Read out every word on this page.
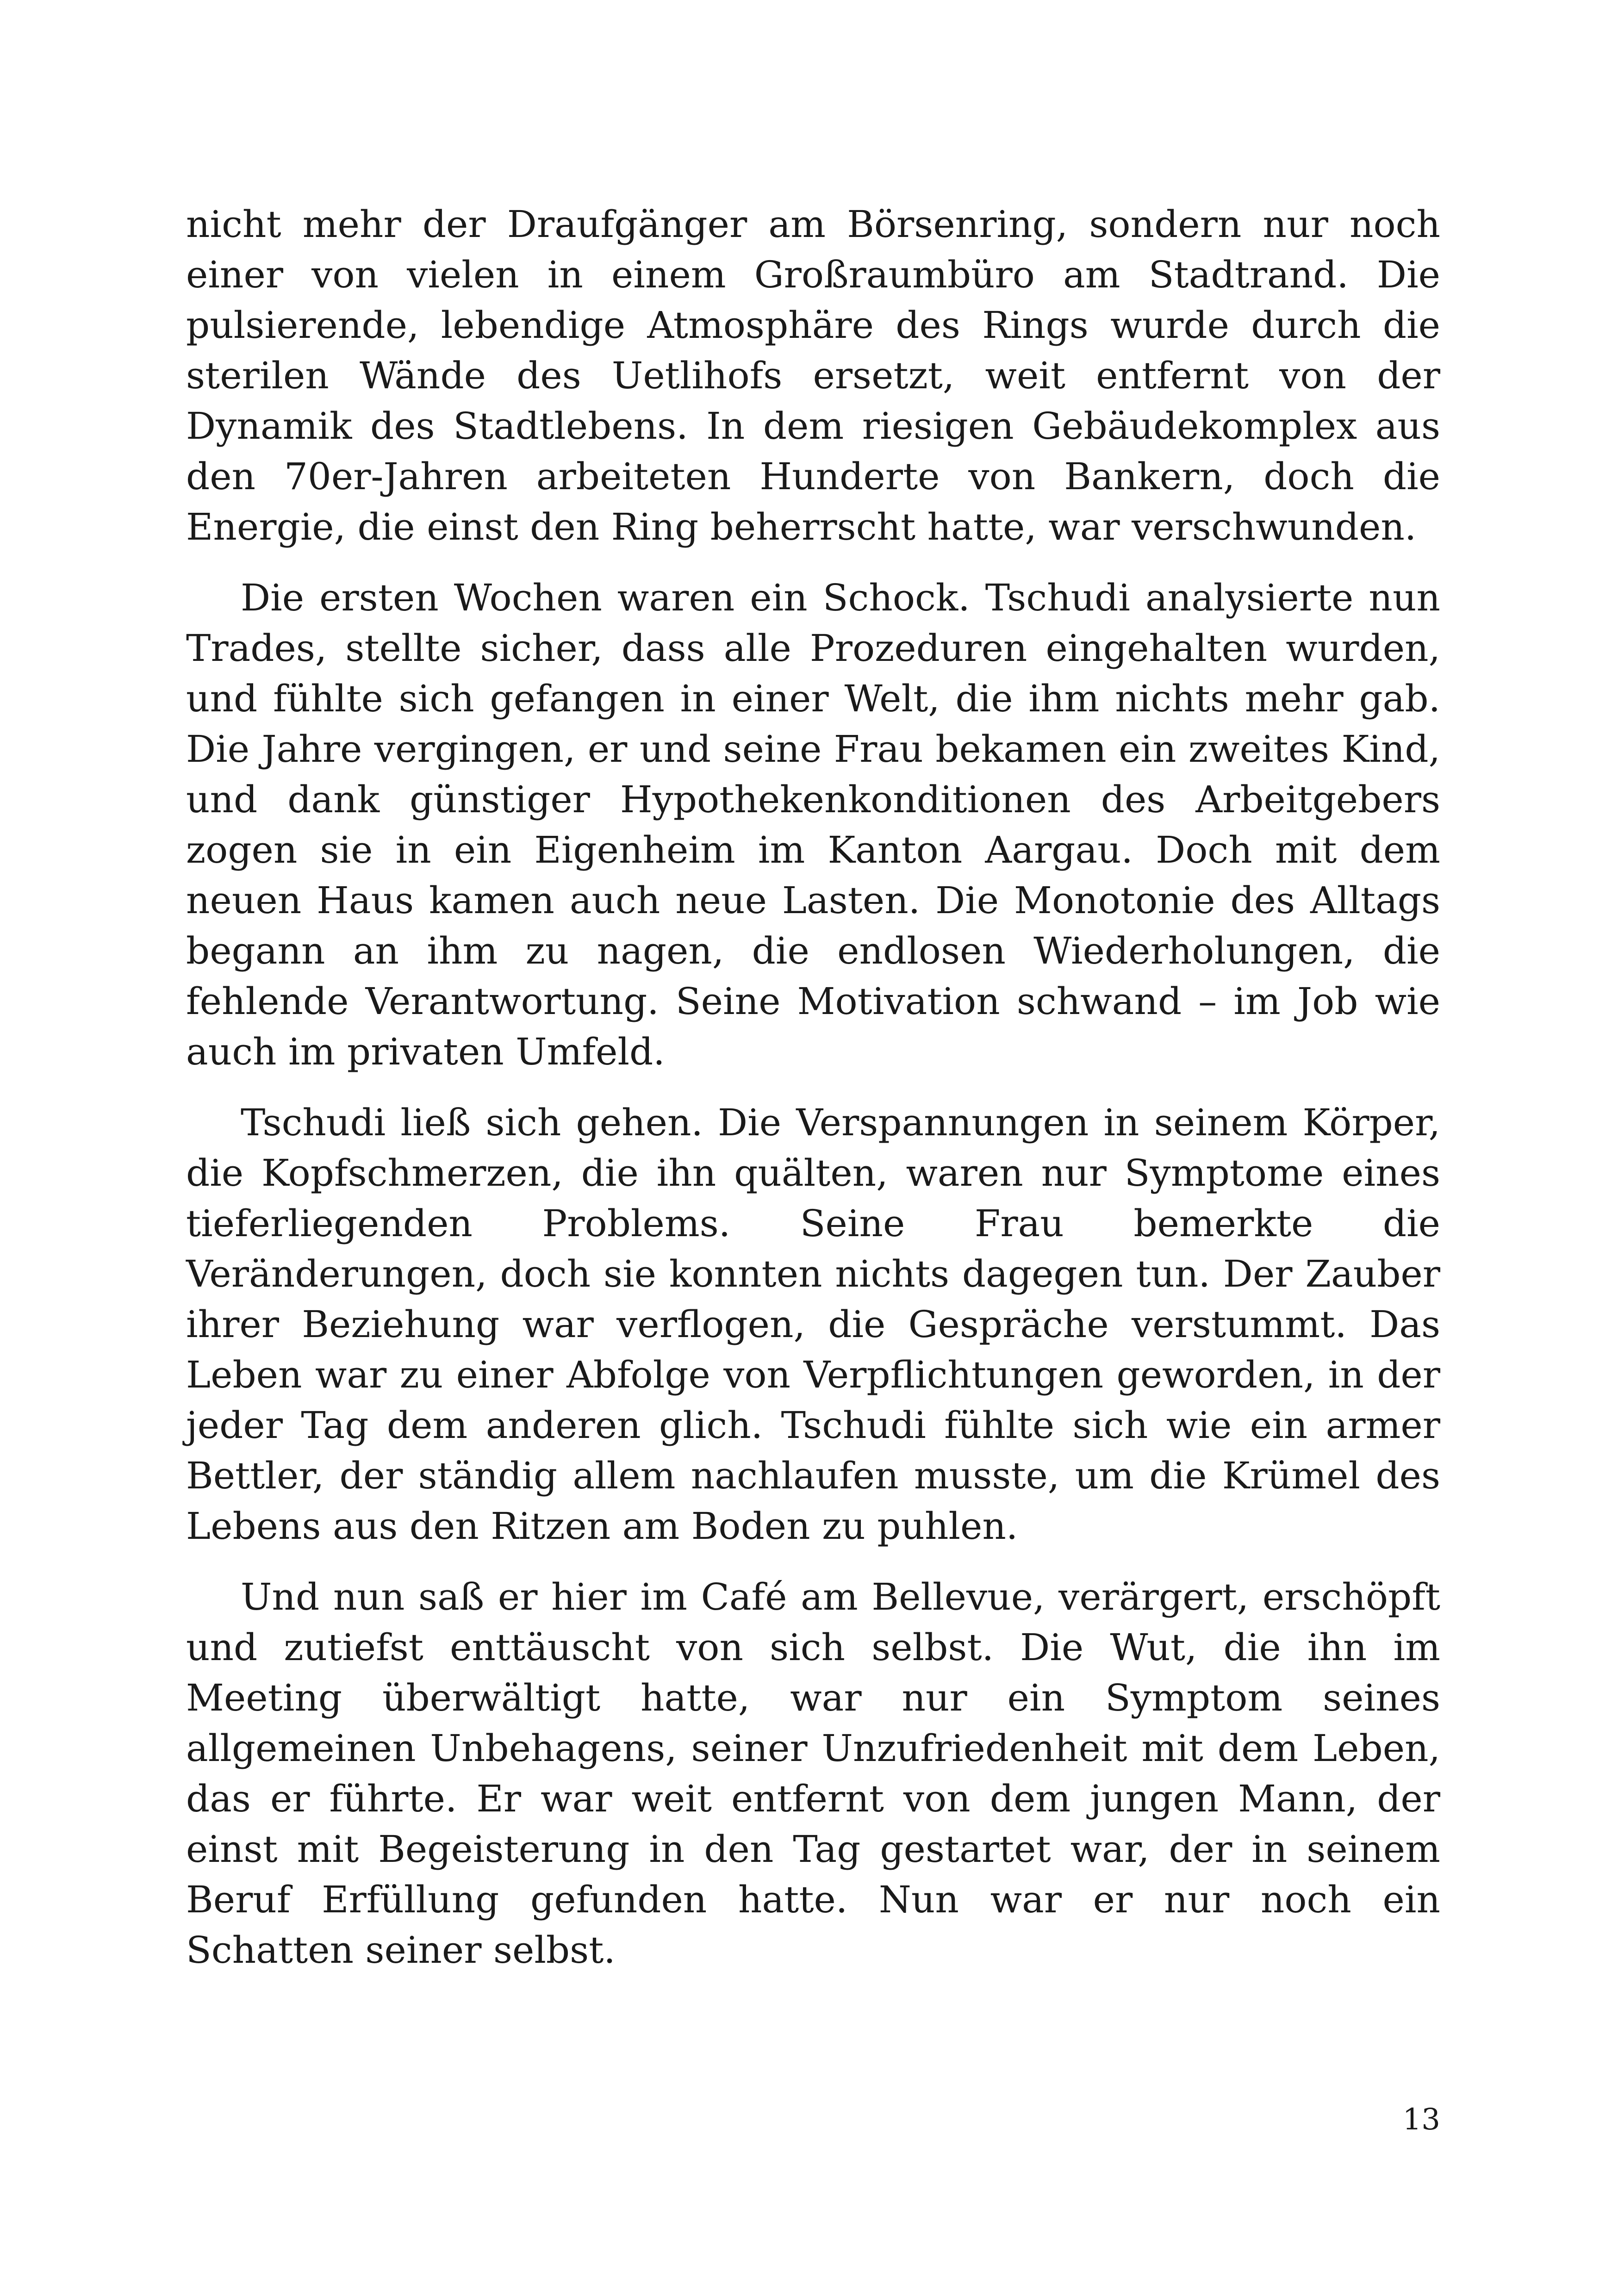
nicht mehr der Draufgänger am Börsenring, sondern nur noch einer von vielen in einem Großraumbüro am Stadtrand. Die pulsierende, lebendige Atmosphäre des Rings wurde durch die sterilen Wände des Uetlihofs ersetzt, weit entfernt von der Dynamik des Stadtlebens. In dem riesigen Gebäudekomplex aus den 70er-Jahren arbeiteten Hunderte von Bankern, doch die Energie, die einst den Ring beherrscht hatte, war verschwunden.

Die ersten Wochen waren ein Schock. Tschudi analysierte nun Trades, stellte sicher, dass alle Prozeduren eingehalten wurden, und fühlte sich gefangen in einer Welt, die ihm nichts mehr gab. Die Jahre vergingen, er und seine Frau bekamen ein zweites Kind, und dank günstiger Hypothekenkonditionen des Arbeitgebers zogen sie in ein Eigenheim im Kanton Aargau. Doch mit dem neuen Haus kamen auch neue Lasten. Die Monotonie des Alltags begann an ihm zu nagen, die endlosen Wiederholungen, die fehlende Verantwortung. Seine Motivation schwand – im Job wie auch im privaten Umfeld.

Tschudi ließ sich gehen. Die Verspannungen in seinem Körper, die Kopfschmerzen, die ihn quälten, waren nur Symptome eines tieferliegenden Problems. Seine Frau bemerkte die Veränderungen, doch sie konnten nichts dagegen tun. Der Zauber ihrer Beziehung war verflogen, die Gespräche verstummt. Das Leben war zu einer Abfolge von Verpflichtungen geworden, in der jeder Tag dem anderen glich. Tschudi fühlte sich wie ein armer Bettler, der ständig allem nachlaufen musste, um die Krümel des Lebens aus den Ritzen am Boden zu puhlen.

Und nun saß er hier im Café am Bellevue, verärgert, erschöpft und zutiefst enttäuscht von sich selbst. Die Wut, die ihn im Meeting überwältigt hatte, war nur ein Symptom seines allgemeinen Unbehagens, seiner Unzufriedenheit mit dem Leben, das er führte. Er war weit entfernt von dem jungen Mann, der einst mit Begeisterung in den Tag gestartet war, der in seinem Beruf Erfüllung gefunden hatte. Nun war er nur noch ein Schatten seiner selbst.

13
